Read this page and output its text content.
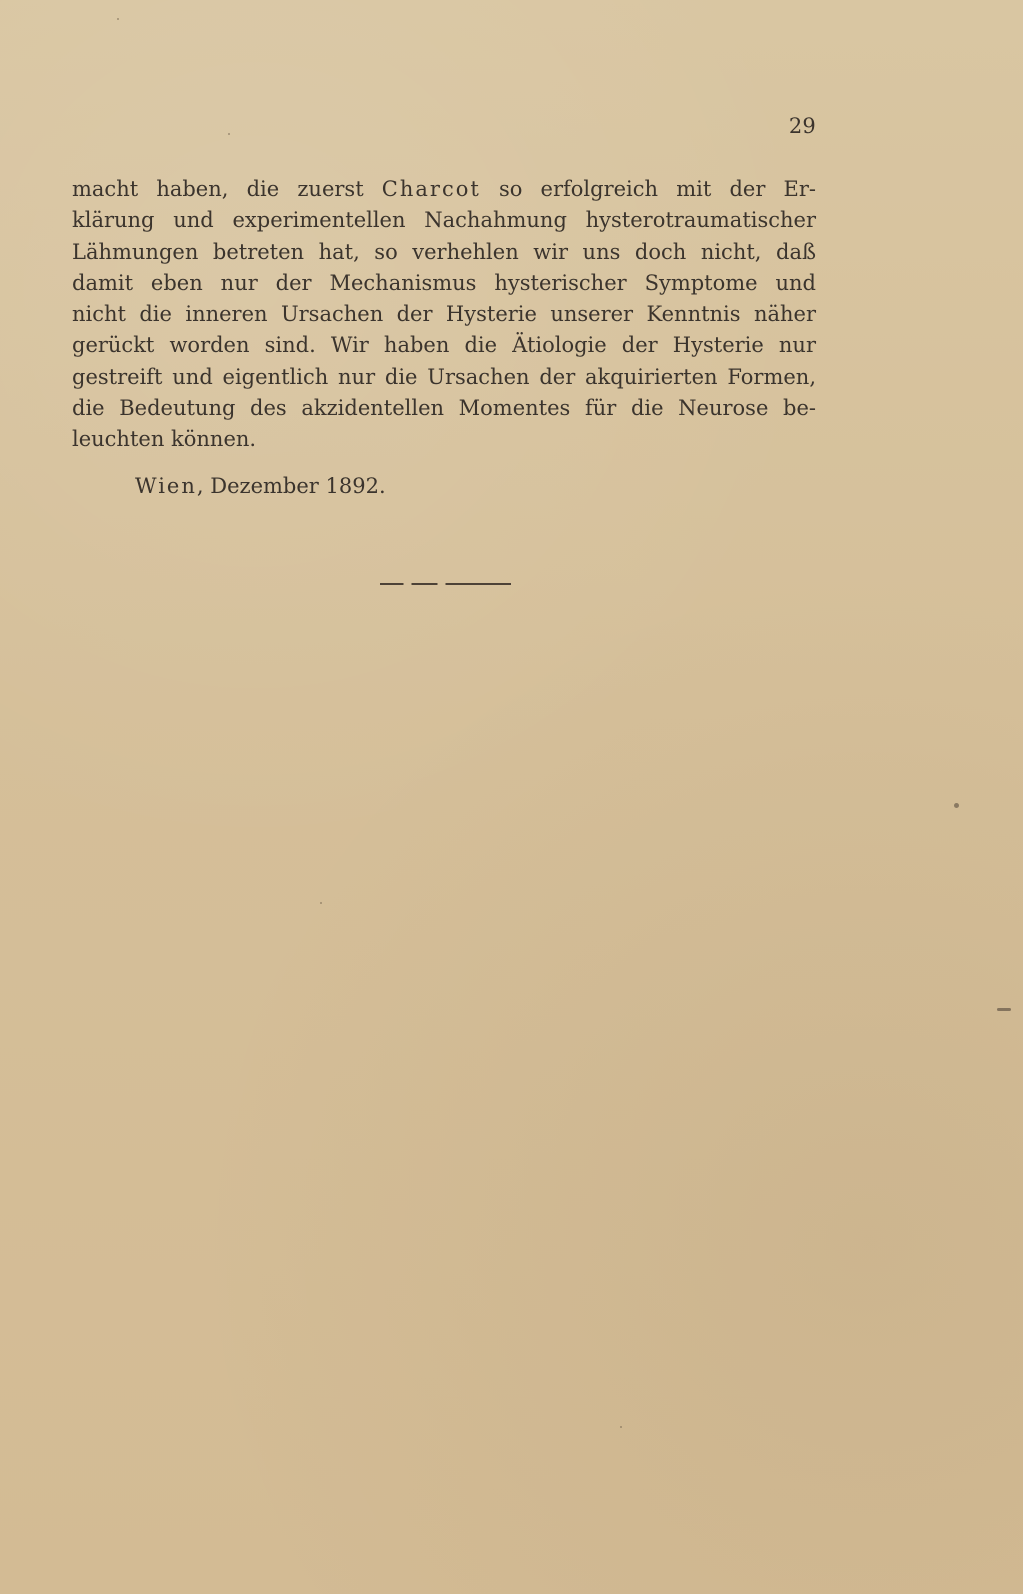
29
macht haben, die zuerst Charcot so erfolgreich mit der Er-
klärung und experimentellen Nachahmung hysterotraumatischer
Lähmungen betreten hat, so verhehlen wir uns doch nicht, daß
damit eben nur der Mechanismus hysterischer Symptome und
nicht die inneren Ursachen der Hysterie unserer Kenntnis näher
gerückt worden sind. Wir haben die Ätiologie der Hysterie nur
gestreift und eigentlich nur die Ursachen der akquirierten Formen,
die Bedeutung des akzidentellen Momentes für die Neurose be-
leuchten können.
Wien, Dezember 1892.
